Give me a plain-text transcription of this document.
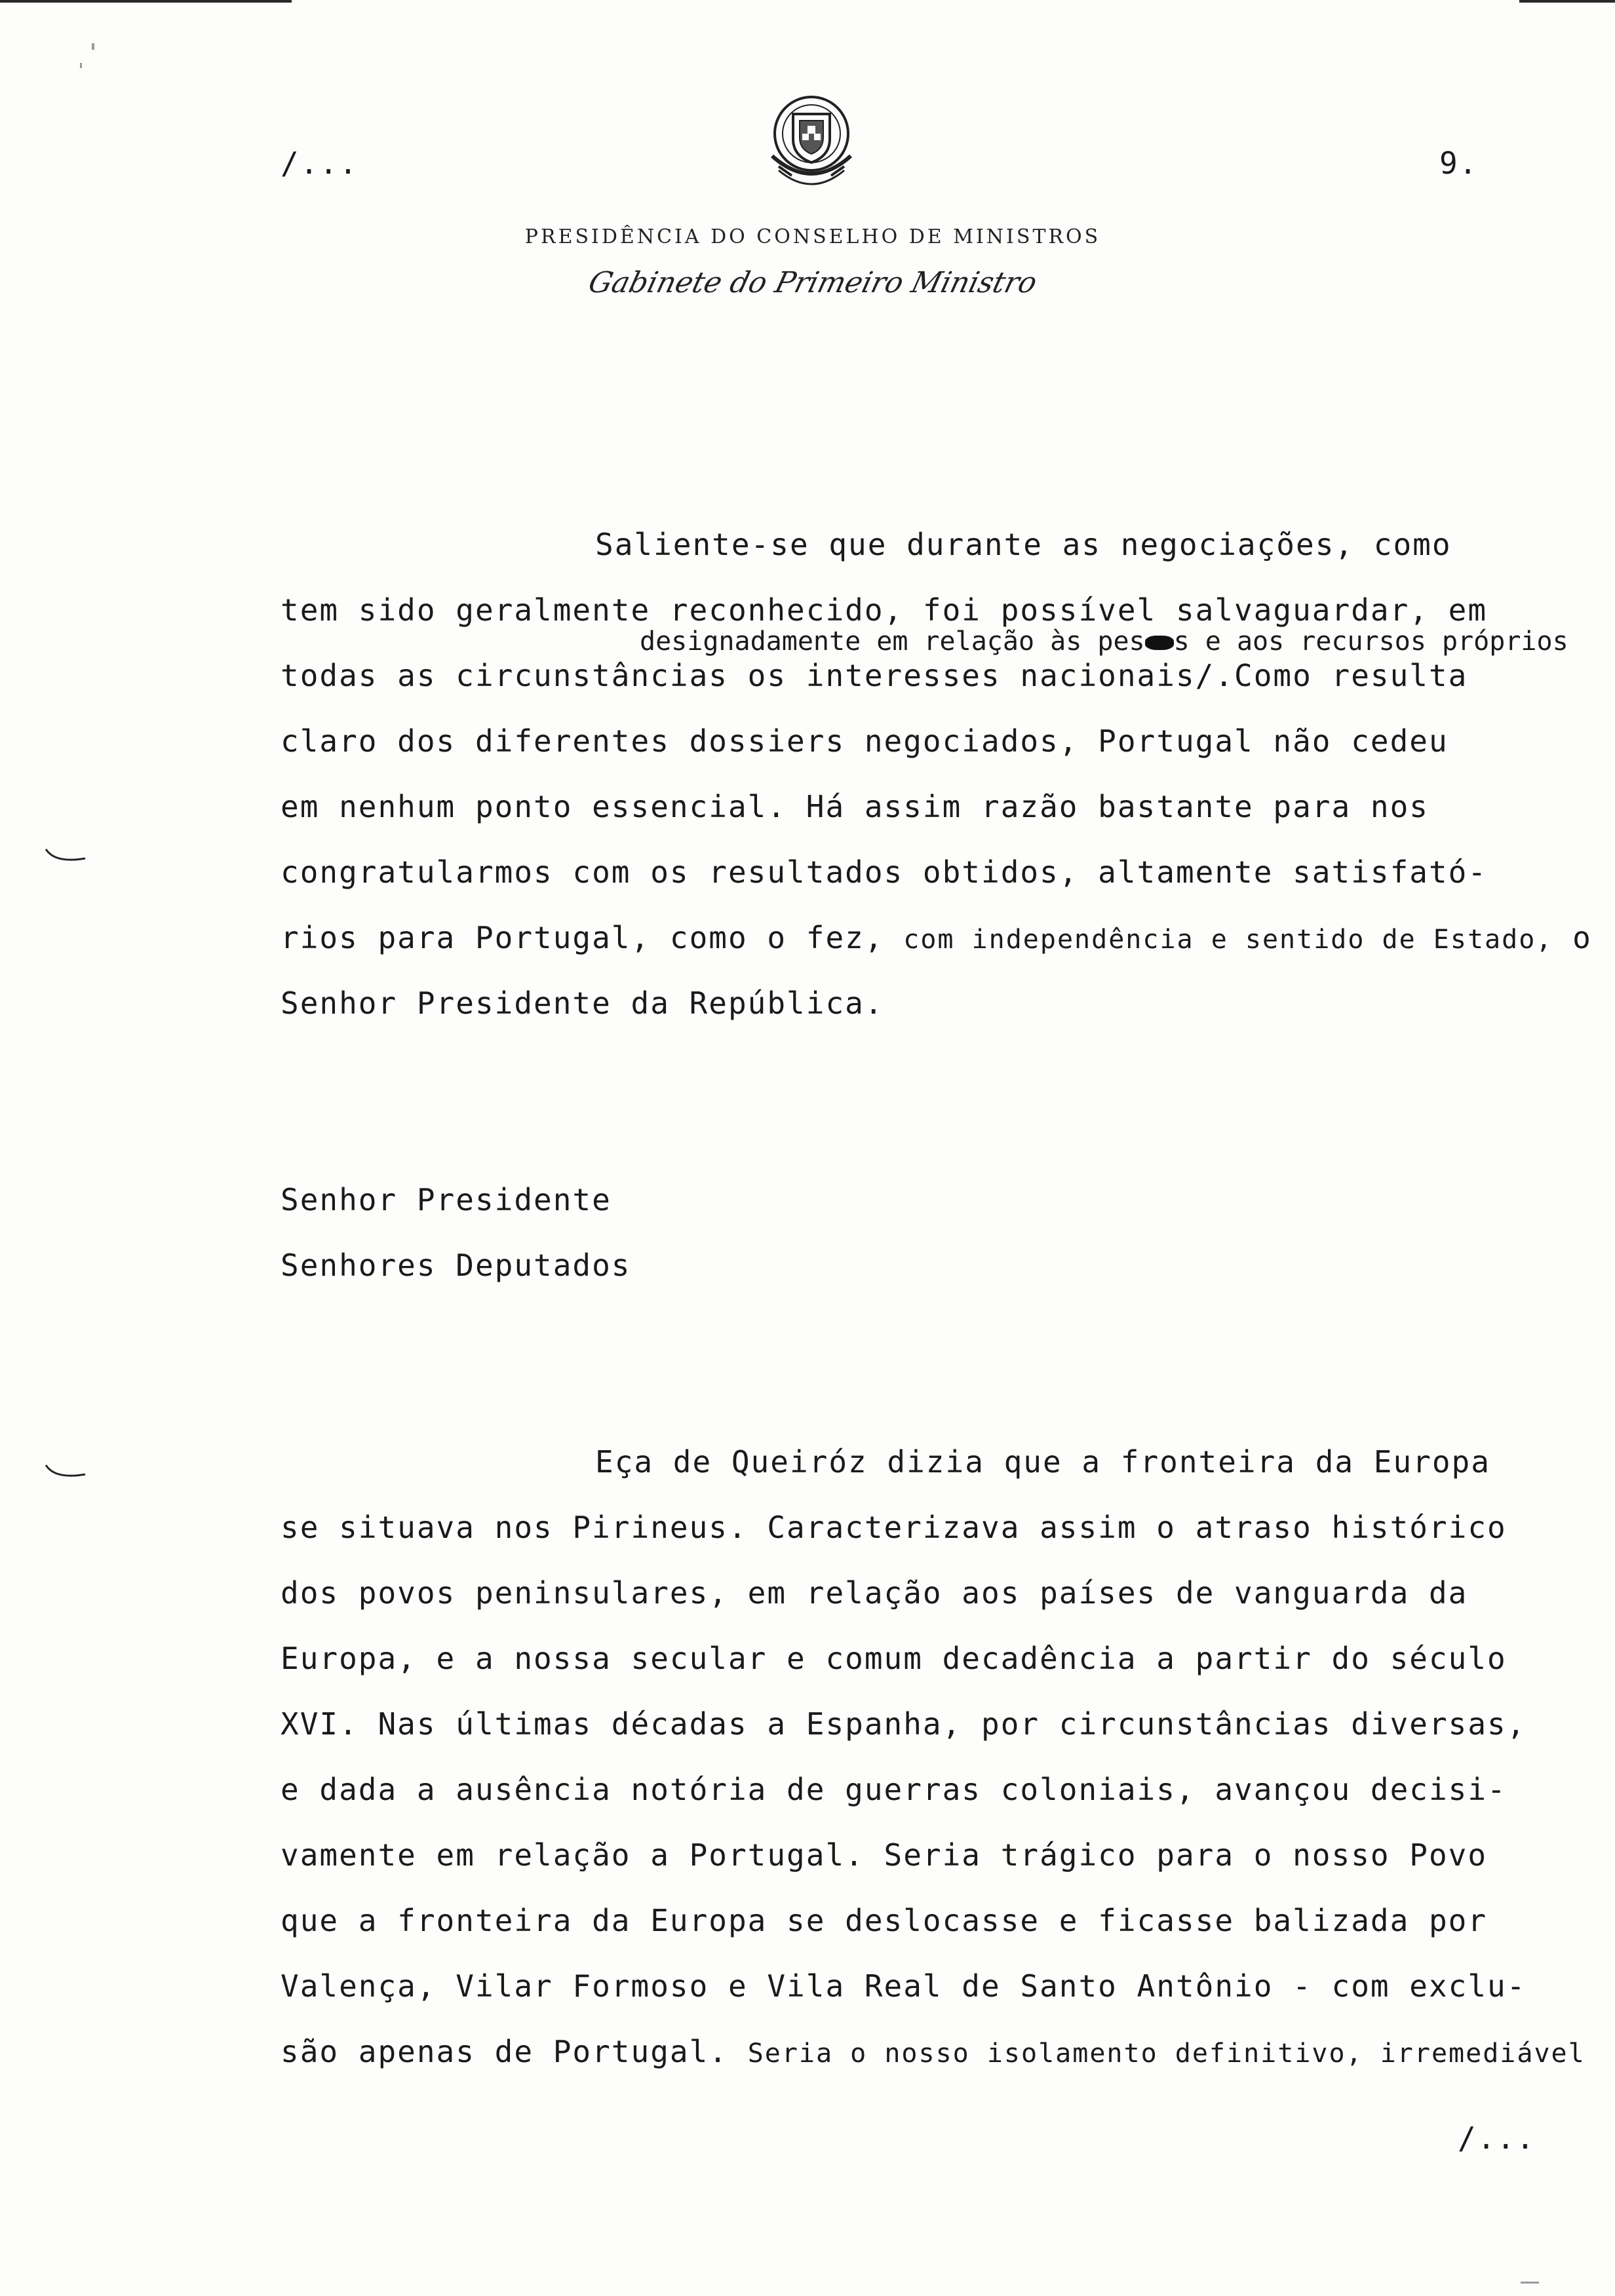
/...	9.
PRESIDÊNCIA DO CONSELHO DE MINISTROS
Gabinete do Primeiro Ministro
Saliente-se que durante as negociações, como
tem sido geralmente reconhecido, foi possível salvaguardar, em
designadamente em relação às pes s e aos recursos próprios
todas as circunstâncias os interesses nacionais/.Como resulta
claro dos diferentes dossiers negociados, Portugal não cedeu
em nenhum ponto essencial. Há assim razão bastante para nos
congratularmos com os resultados obtidos, altamente satisfató-
rios para Portugal, como o fez, com independência e sentido de Estado, o
Senhor Presidente da República.
Senhor Presidente
Senhores Deputados
Eça de Queiróz dizia que a fronteira da Europa
se situava nos Pirineus. Caracterizava assim o atraso histórico
dos povos peninsulares, em relação aos países de vanguarda da
Europa, e a nossa secular e comum decadência a partir do século
XVI. Nas últimas décadas a Espanha, por circunstâncias diversas,
e dada a ausência notória de guerras coloniais, avançou decisi-
vamente em relação a Portugal. Seria trágico para o nosso Povo
que a fronteira da Europa se deslocasse e ficasse balizada por
Valença, Vilar Formoso e Vila Real de Santo Antônio - com exclu-
são apenas de Portugal. Seria o nosso isolamento definitivo, irremediável
/...
